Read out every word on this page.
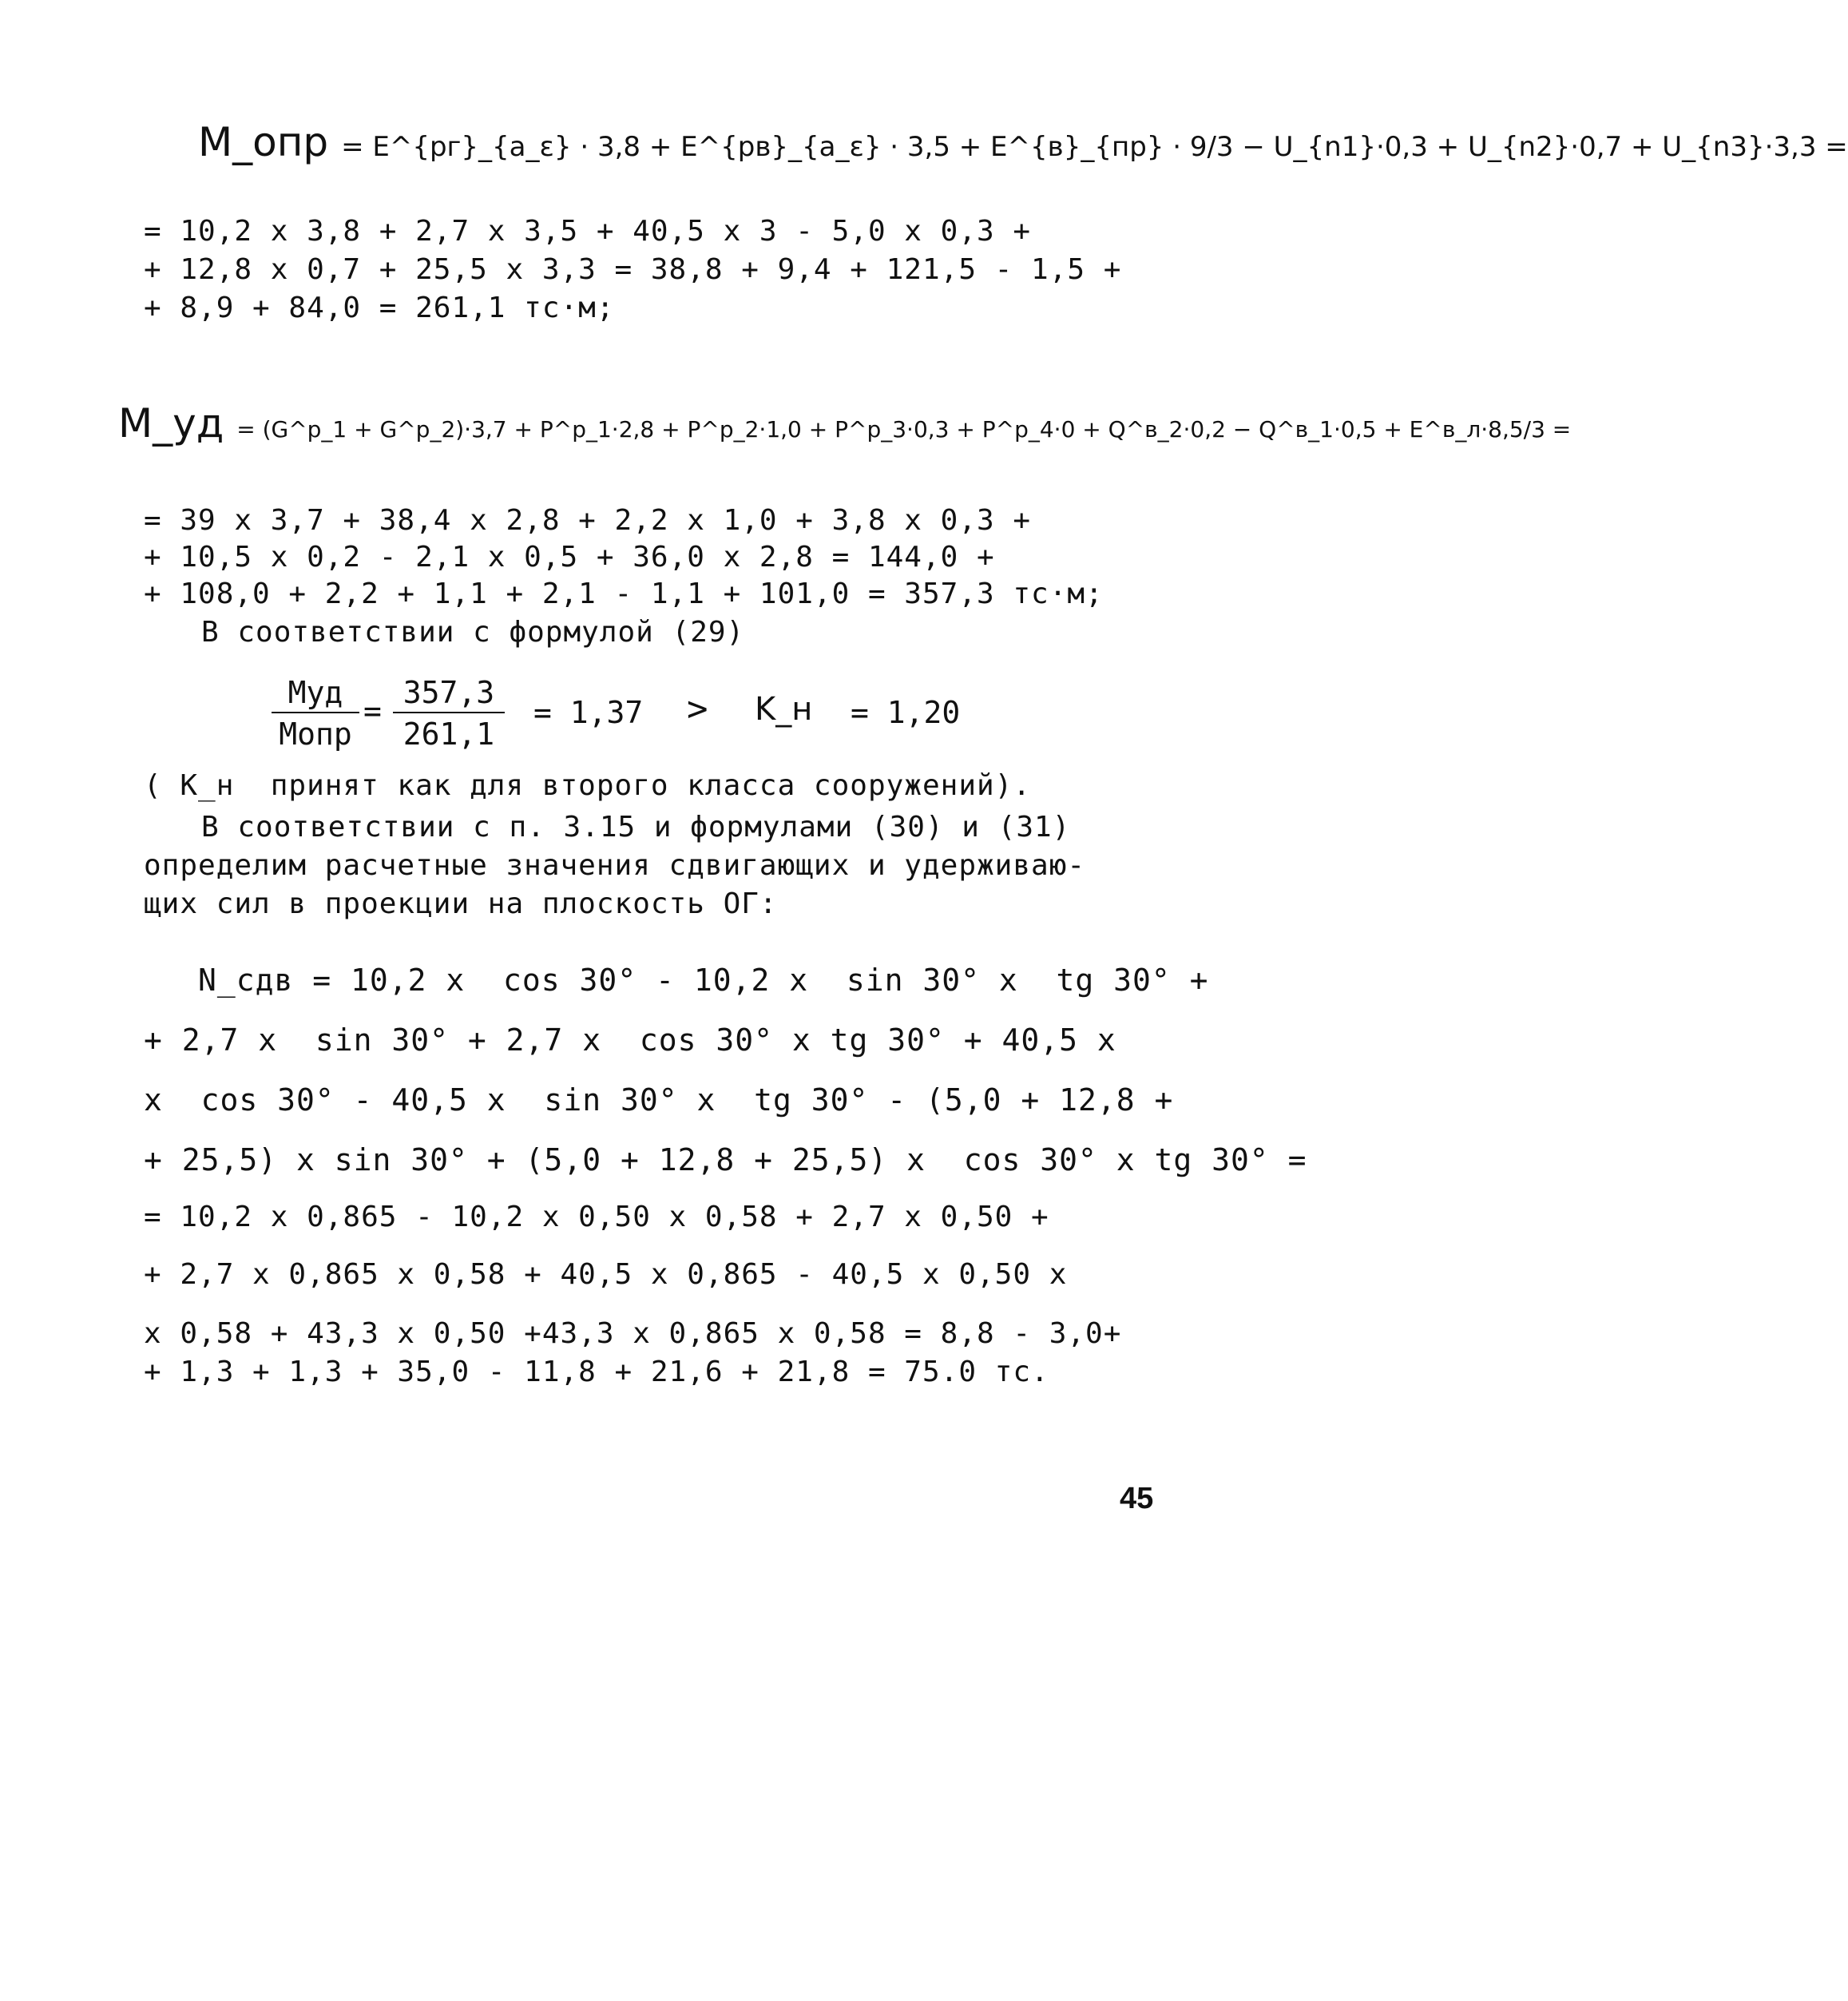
M_опр = E^{рг}_{a_ε} · 3,8 + E^{рв}_{a_ε} · 3,5 + E^{в}_{пр} · 9/3 − U_{n1}·0,3 + U_{n2}·0,7 + U_{n3}·3,3 =
= 10,2 x 3,8 + 2,7 x 3,5 + 40,5 x 3 - 5,0 x 0,3 +
+ 12,8 x 0,7 + 25,5 x 3,3 = 38,8 + 9,4 + 121,5 - 1,5 +
+ 8,9 + 84,0 = 261,1 тс·м;
M_уд = (G^р_1 + G^р_2)·3,7 + P^р_1·2,8 + P^р_2·1,0 + P^р_3·0,3 + P^р_4·0 + Q^в_2·0,2 − Q^в_1·0,5 + E^в_л·8,5/3 =
= 39 x 3,7 + 38,4 x 2,8 + 2,2 x 1,0 + 3,8 x 0,3 +
+ 10,5 x 0,2 - 2,1 x 0,5 + 36,0 x 2,8 = 144,0 +
+ 108,0 + 2,2 + 1,1 + 2,1 - 1,1 + 101,0 = 357,3 тс·м;
В соответствии с формулой (29)
Mуд
Mопр
= $\frac{357,3}{261,1} = 1,37$ > K_н = 1,20
( K_н  принят как для второго класса сооружений).
В соответствии с п. 3.15 и формулами (30) и (31)
определим расчетные значения сдвигающих и удерживаю-
щих сил в проекции на плоскость OГ:
N_сдв = 10,2 x  cos 30° - 10,2 x  sin 30° x  tg 30° +
+ 2,7 x  sin 30° + 2,7 x  cos 30° x tg 30° + 40,5 x
x  cos 30° - 40,5 x  sin 30° x  tg 30° - (5,0 + 12,8 +
+ 25,5) x sin 30° + (5,0 + 12,8 + 25,5) x  cos 30° x tg 30° =
= 10,2 x 0,865 - 10,2 x 0,50 x 0,58 + 2,7 x 0,50 +
+ 2,7 x 0,865 x 0,58 + 40,5 x 0,865 - 40,5 x 0,50 x
x 0,58 + 43,3 x 0,50 +43,3 x 0,865 x 0,58 = 8,8 - 3,0+
+ 1,3 + 1,3 + 35,0 - 11,8 + 21,6 + 21,8 = 75.0 тс.
45
